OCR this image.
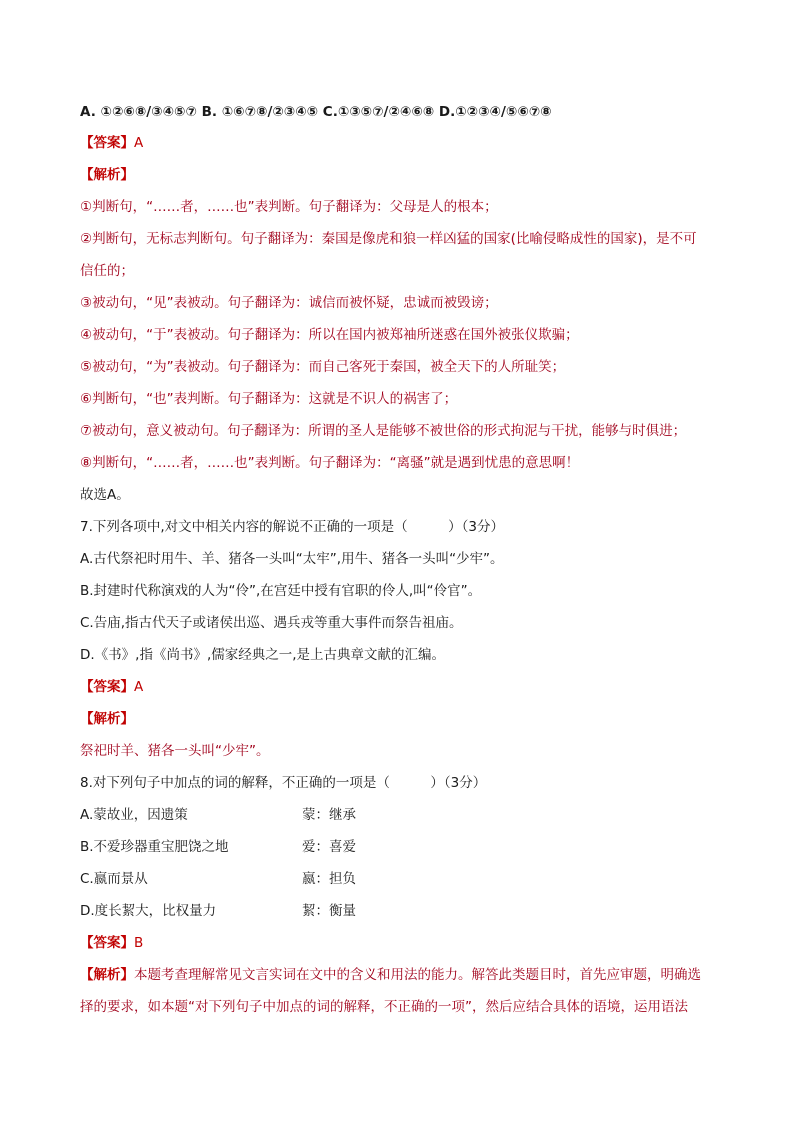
A. ①②⑥⑧/③④⑤⑦ B. ①⑥⑦⑧/②③④⑤ C.①③⑤⑦/②④⑥⑧ D.①②③④/⑤⑥⑦⑧
【答案】A
【解析】
①判断句，“……者，……也”表判断。句子翻译为：父母是人的根本；
②判断句，无标志判断句。句子翻译为：秦国是像虎和狼一样凶猛的国家(比喻侵略成性的国家)，是不可
信任的；
③被动句，“见”表被动。句子翻译为：诚信而被怀疑，忠诚而被毁谤；
④被动句，“于”表被动。句子翻译为：所以在国内被郑袖所迷惑在国外被张仪欺骗；
⑤被动句，“为”表被动。句子翻译为：而自己客死于秦国，被全天下的人所耻笑；
⑥判断句，“也”表判断。句子翻译为：这就是不识人的祸害了；
⑦被动句，意义被动句。句子翻译为：所谓的圣人是能够不被世俗的形式拘泥与干扰，能够与时俱进；
⑧判断句，“……者，……也”表判断。句子翻译为：“离骚”就是遇到忧患的意思啊！
故选A。
7.下列各项中,对文中相关内容的解说不正确的一项是（　　　）（3分）
A.古代祭祀时用牛、羊、猪各一头叫“太牢”,用牛、猪各一头叫“少牢”。
B.封建时代称演戏的人为“伶”,在宫廷中授有官职的伶人,叫“伶官”。
C.告庙,指古代天子或诸侯出巡、遇兵戎等重大事件而祭告祖庙。
D.《书》,指《尚书》,儒家经典之一,是上古典章文献的汇编。
【答案】A
【解析】
祭祀时羊、猪各一头叫“少牢”。
8.对下列句子中加点的词的解释，不正确的一项是（　　　）（3分）
A.蒙故业，因遗策	蒙：继承
B.不爱珍器重宝肥饶之地	爱：喜爱
C.嬴而景从	嬴：担负
D.度长絜大，比权量力	絜：衡量
【答案】B
【解析】本题考查理解常见文言实词在文中的含义和用法的能力。解答此类题目时，首先应审题，明确选
择的要求，如本题“对下列句子中加点的词的解释，不正确的一项”，然后应结合具体的语境，运用语法
